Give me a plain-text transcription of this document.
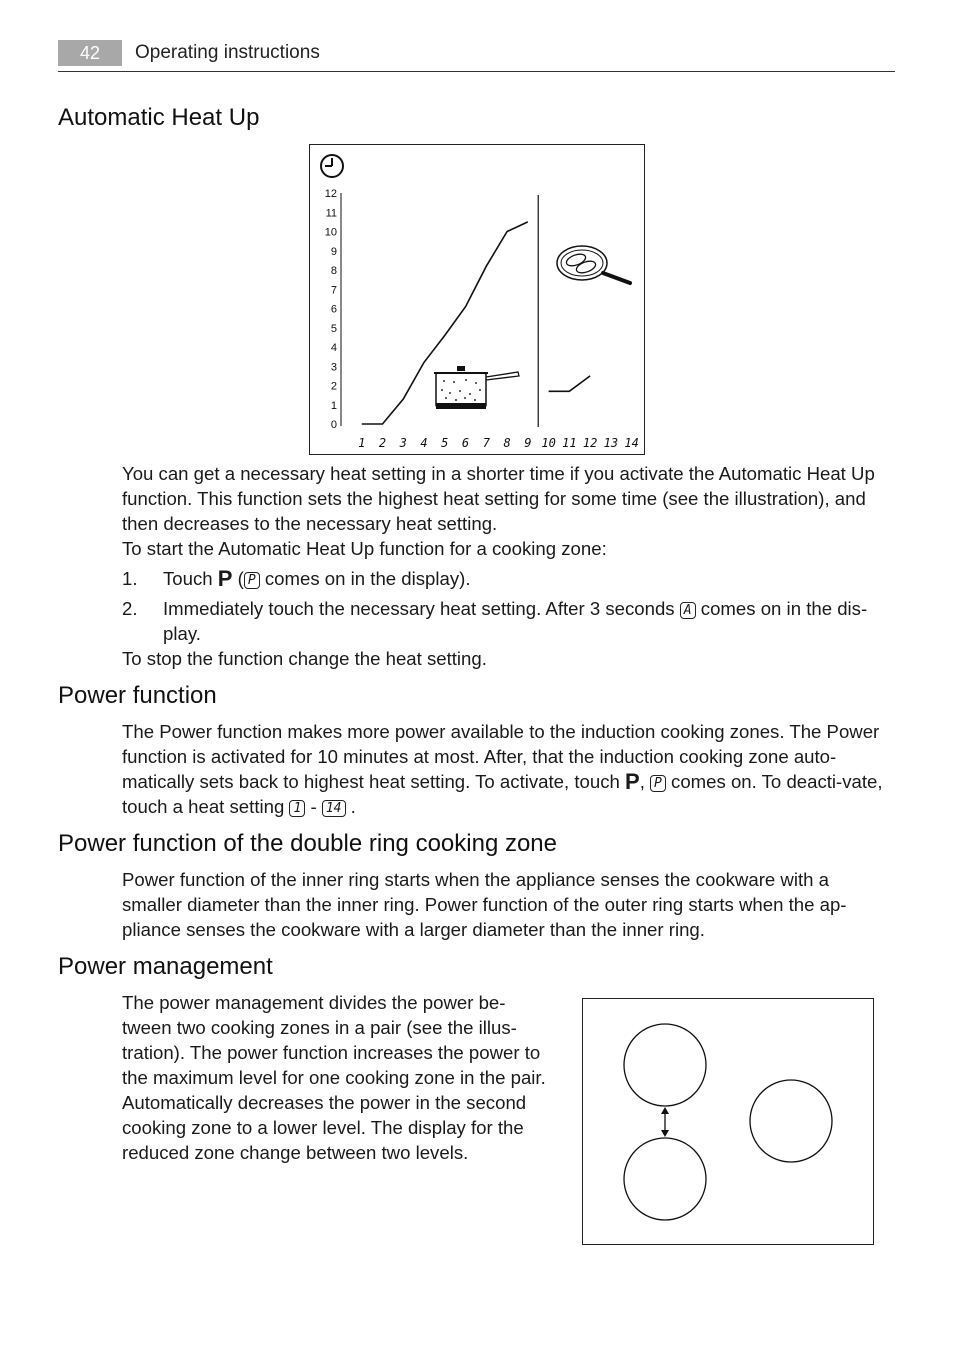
42	Operating instructions
Automatic Heat Up
0
1
2
3
4
5
6
7
8
9
10
11
12
1 2 3 4 5 6 7 8 9 10 11 12 13 14

You can get a necessary heat setting in a shorter time if you activate the Automatic Heat Up function. This function sets the highest heat setting for some time (see the illustration), and then decreases to the necessary heat setting.

To start the Automatic Heat Up function for a cooking zone:

1. Touch P ( P comes on in the display).
2. Immediately touch the necessary heat setting. After 3 seconds A comes on in the dis-play.

To stop the function change the heat setting.

Power function

The Power function makes more power available to the induction cooking zones. The Power function is activated for 10 minutes at most. After, that the induction cooking zone auto-matically sets back to highest heat setting. To activate, touch P, P comes on. To deacti-vate, touch a heat setting 1 - 14 .

Power function of the double ring cooking zone

Power function of the inner ring starts when the appliance senses the cookware with a smaller diameter than the inner ring. Power function of the outer ring starts when the ap-pliance senses the cookware with a larger diameter than the inner ring.

Power management

The power management divides the power be-tween two cooking zones in a pair (see the illus-tration). The power function increases the power to the maximum level for one cooking zone in the pair. Automatically decreases the power in the second cooking zone to a lower level. The display for the reduced zone change between two levels.
